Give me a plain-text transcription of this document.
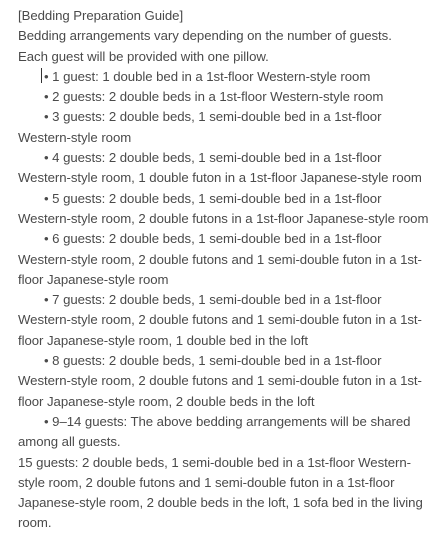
[Bedding Preparation Guide]

Bedding arrangements vary depending on the number of guests.

Each guest will be provided with one pillow.

• 1 guest: 1 double bed in a 1st-floor Western-style room

• 2 guests: 2 double beds in a 1st-floor Western-style room

• 3 guests: 2 double beds, 1 semi-double bed in a 1st-floor Western-style room

• 4 guests: 2 double beds, 1 semi-double bed in a 1st-floor Western-style room, 1 double futon in a 1st-floor Japanese-style room

• 5 guests: 2 double beds, 1 semi-double bed in a 1st-floor Western-style room, 2 double futons in a 1st-floor Japanese-style room

• 6 guests: 2 double beds, 1 semi-double bed in a 1st-floor Western-style room, 2 double futons and 1 semi-double futon in a 1st-floor Japanese-style room

• 7 guests: 2 double beds, 1 semi-double bed in a 1st-floor Western-style room, 2 double futons and 1 semi-double futon in a 1st-floor Japanese-style room, 1 double bed in the loft

• 8 guests: 2 double beds, 1 semi-double bed in a 1st-floor Western-style room, 2 double futons and 1 semi-double futon in a 1st-floor Japanese-style room, 2 double beds in the loft

• 9–14 guests: The above bedding arrangements will be shared among all guests.

15 guests: 2 double beds, 1 semi-double bed in a 1st-floor Western-style room, 2 double futons and 1 semi-double futon in a 1st-floor Japanese-style room, 2 double beds in the loft, 1 sofa bed in the living room.
